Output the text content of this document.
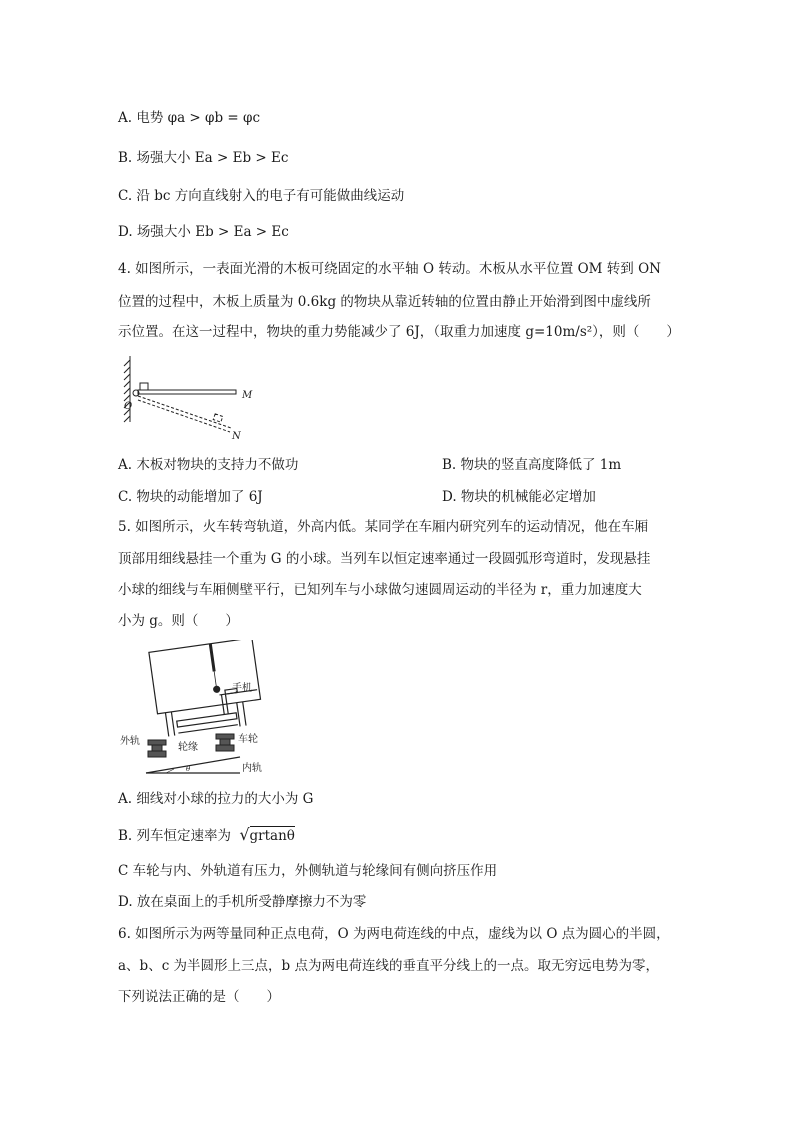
A. 电势 φa > φb = φc
B. 场强大小 Ea > Eb > Ec
C. 沿 bc 方向直线射入的电子有可能做曲线运动
D. 场强大小 Eb > Ea > Ec
4. 如图所示，一表面光滑的木板可绕固定的水平轴 O 转动。木板从水平位置 OM 转到 ON
位置的过程中，木板上质量为 0.6kg 的物块从靠近转轴的位置由静止开始滑到图中虚线所
示位置。在这一过程中，物块的重力势能减少了 6J，（取重力加速度 g=10m/s²），则（　　）
O
M
N
A. 木板对物块的支持力不做功	B. 物块的竖直高度降低了 1m
C. 物块的动能增加了 6J	D. 物块的机械能必定增加
5. 如图所示，火车转弯轨道，外高内低。某同学在车厢内研究列车的运动情况，他在车厢
顶部用细线悬挂一个重为 G 的小球。当列车以恒定速率通过一段圆弧形弯道时，发现悬挂
小球的细线与车厢侧壁平行，已知列车与小球做匀速圆周运动的半径为 r，重力加速度大
小为 g。则（　　）
手机
外轨
轮缘
车轮
内轨
θ
A. 细线对小球的拉力的大小为 G
B. 列车恒定速率为 √grtanθ
C 车轮与内、外轨道有压力，外侧轨道与轮缘间有侧向挤压作用
D. 放在桌面上的手机所受静摩擦力不为零
6. 如图所示为两等量同种正点电荷，O 为两电荷连线的中点，虚线为以 O 点为圆心的半圆，
a、b、c 为半圆形上三点，b 点为两电荷连线的垂直平分线上的一点。取无穷远电势为零，
下列说法正确的是（　　）
